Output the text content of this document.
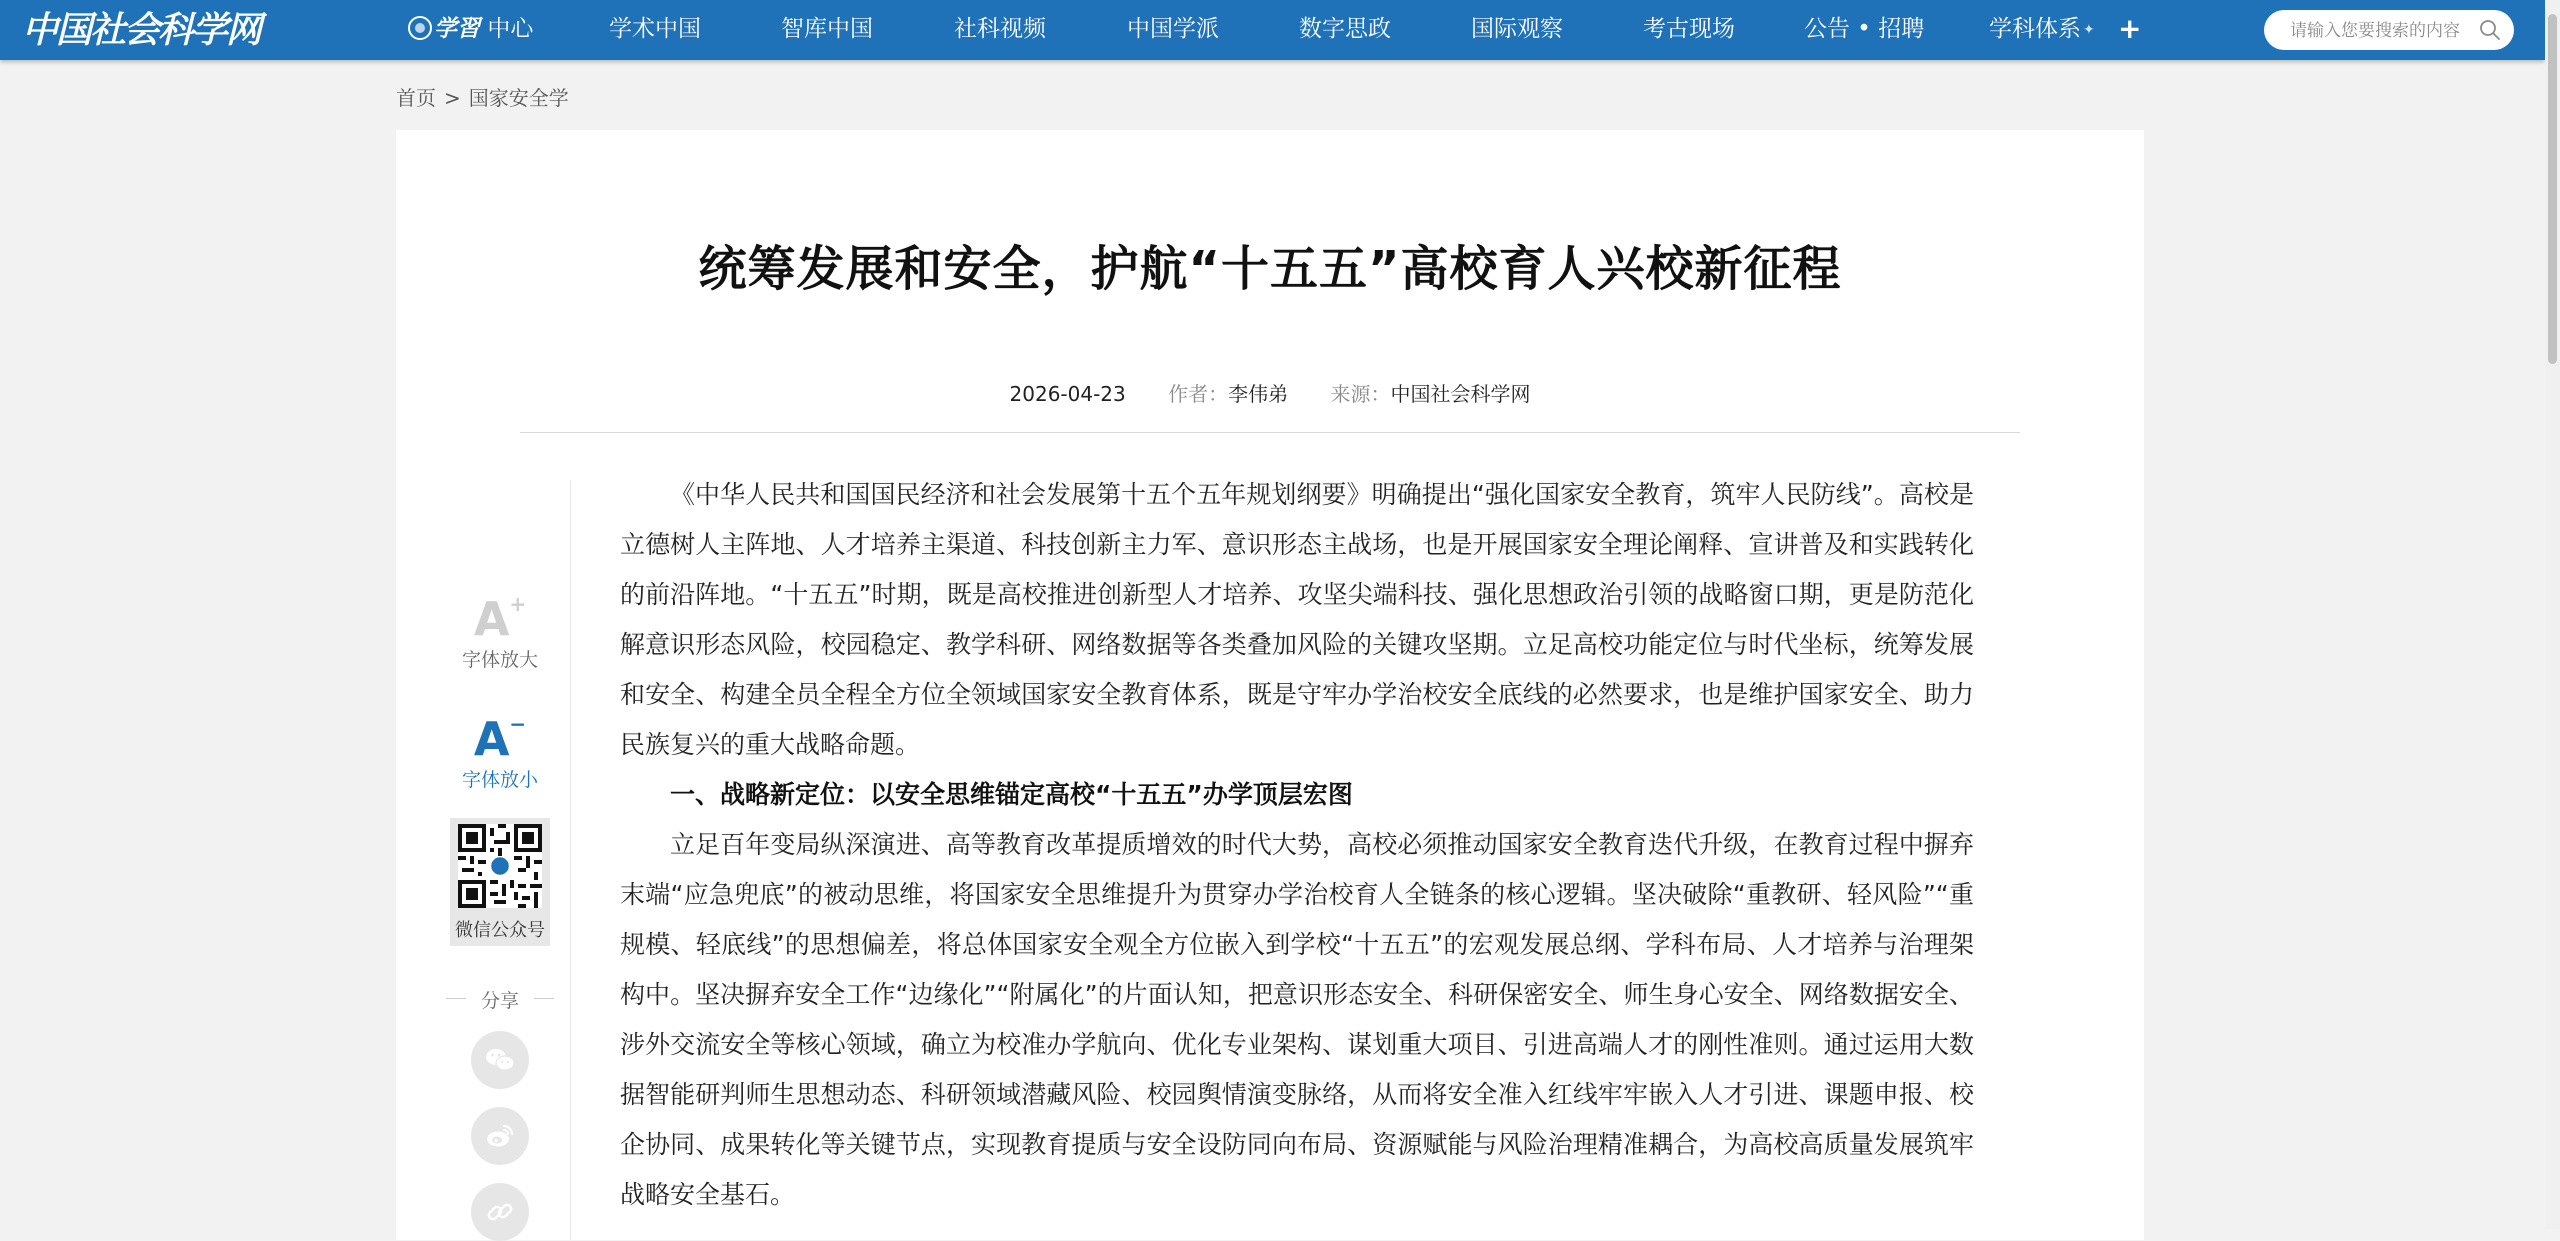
中国社会科学网	学習 中心	学术中国	智库中国	社科视频	中国学派	数字思政	国际观察	考古现场	公告 • 招聘	学科体系 ✦ +
请输入您要搜索的内容
首页 > 国家安全学
统筹发展和安全，护航“十五五”高校育人兴校新征程
2026-04-23 作者：李伟弟 来源：中国社会科学网
A+
字体放大
A−
字体放小
微信公众号
分享

《中华人民共和国国民经济和社会发展第十五个五年规划纲要》明确提出“强化国家安全教育，筑牢人民防线”。高校是立德树人主阵地、人才培养主渠道、科技创新主力军、意识形态主战场，也是开展国家安全理论阐释、宣讲普及和实践转化的前沿阵地。“十五五”时期，既是高校推进创新型人才培养、攻坚尖端科技、强化思想政治引领的战略窗口期，更是防范化解意识形态风险，校园稳定、教学科研、网络数据等各类叠加风险的关键攻坚期。立足高校功能定位与时代坐标，统筹发展和安全、构建全员全程全方位全领域国家安全教育体系，既是守牢办学治校安全底线的必然要求，也是维护国家安全、助力民族复兴的重大战略命题。

一、战略新定位：以安全思维锚定高校“十五五”办学顶层宏图

立足百年变局纵深演进、高等教育改革提质增效的时代大势，高校必须推动国家安全教育迭代升级，在教育过程中摒弃末端“应急兜底”的被动思维，将国家安全思维提升为贯穿办学治校育人全链条的核心逻辑。坚决破除“重教研、轻风险”“重规模、轻底线”的思想偏差，将总体国家安全观全方位嵌入到学校“十五五”的宏观发展总纲、学科布局、人才培养与治理架构中。坚决摒弃安全工作“边缘化”“附属化”的片面认知，把意识形态安全、科研保密安全、师生身心安全、网络数据安全、涉外交流安全等核心领域，确立为校准办学航向、优化专业架构、谋划重大项目、引进高端人才的刚性准则。通过运用大数据智能研判师生思想动态、科研领域潜藏风险、校园舆情演变脉络，从而将安全准入红线牢牢嵌入人才引进、课题申报、校企协同、成果转化等关键节点，实现教育提质与安全设防同向布局、资源赋能与风险治理精准耦合，为高校高质量发展筑牢战略安全基石。
